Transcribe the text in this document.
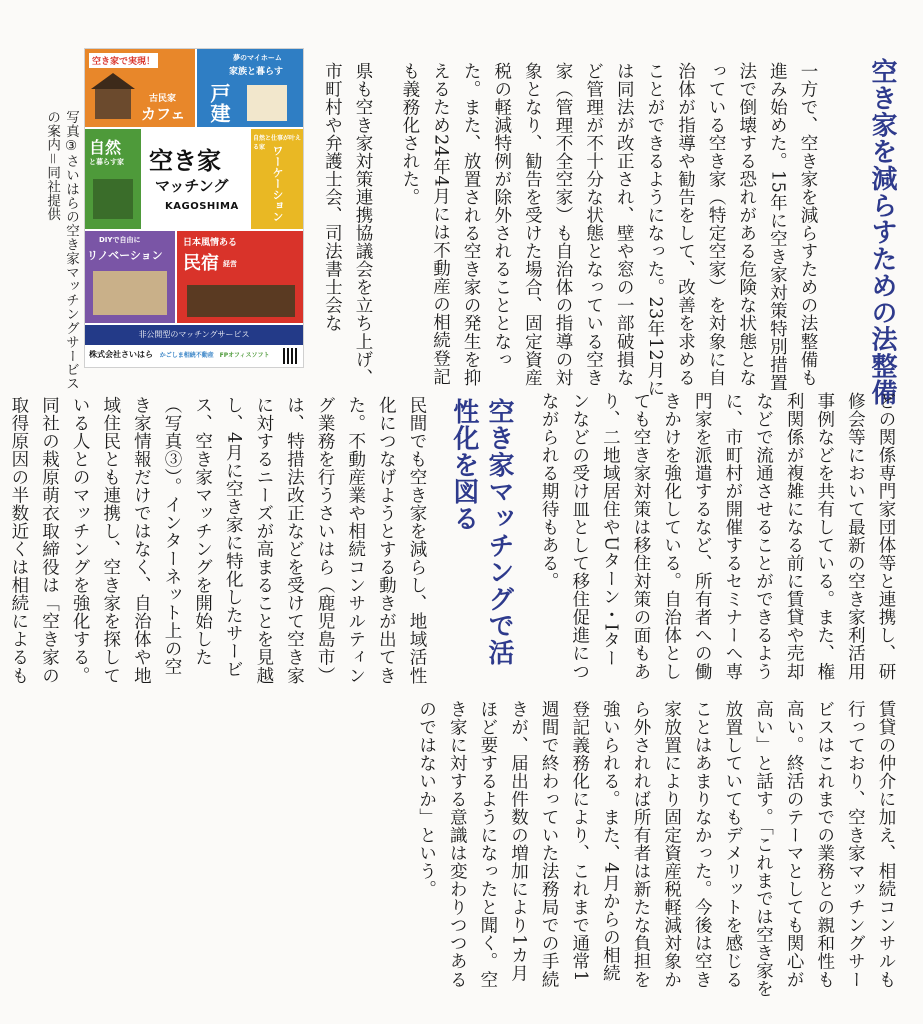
空き家を減らすための法整備
一方で、空き家を減らすための法整備も進み始めた。15年に空き家対策特別措置法で倒壊する恐れがある危険な状態となっている空き家（特定空家）を対象に自治体が指導や勧告をして、改善を求めることができるようになった。23年12月には同法が改正され、壁や窓の一部破損など管理が不十分な状態となっている空き家（管理不全空家）も自治体の指導の対象となり、勧告を受けた場合、固定資産税の軽減特例が除外されることとなった。また、放置される空き家の発生を抑えるため24年4月には不動産の相続登記も義務化された。
県も空き家対策連携協議会を立ち上げ、市町村や弁護士会、司法書士会な
どの関係専門家団体等と連携し、研修会等において最新の空き家利活用事例などを共有している。また、権利関係が複雑になる前に賃貸や売却などで流通させることができるように、市町村が開催するセミナーへ専門家を派遣するなど、所有者への働きかけを強化している。自治体としても空き家対策は移住対策の面もあり、二地域居住やUターン・Iターンなどの受け皿として移住促進につながられる期待もある。
空き家マッチングで活性化を図る
民間でも空き家を減らし、地域活性化につなげようとする動きが出てきた。不動産業や相続コンサルティング業務を行うさいはら（鹿児島市）は、特措法改正などを受けて空き家に対するニーズが高まることを見越し、4月に空き家に特化したサービス、空き家マッチングを開始した（写真③）。インターネット上の空き家情報だけではなく、自治体や地域住民とも連携し、空き家を探している人とのマッチングを強化する。同社の栽原萌衣取締役は「空き家の取得原因の半数近くは相続によるも
賃貸の仲介に加え、相続コンサルも行っており、空き家マッチングサービスはこれまでの業務との親和性も高い。終活のテーマとしても関心が高い」と話す。「これまでは空き家を放置していてもデメリットを感じることはあまりなかった。今後は空き家放置により固定資産税軽減対象から外されれば所有者は新たな負担を強いられる。また、4月からの相続登記義務化により、これまで通常1週間で終わっていた法務局での手続きが、届出件数の増加により1カ月ほど要するようになったと聞く。空き家に対する意識は変わりつつあるのではないか」という。
写真③さいはらの空き家マッチングサービス
の案内＝同社提供
空き家で実現！
古民家
カフェ
夢のマイホーム
家族と暮らす
戸建
自然
と暮らす家 空き家
マッチング
KAGOSHIMA
自然と仕事が叶える家 ワーケーション
DIYで自由に
リノベーション
日本風情ある
民宿 経営
非公開型のマッチングサービス
株式会社さいはら かごしま相続不動産 FPオフィスソフト
